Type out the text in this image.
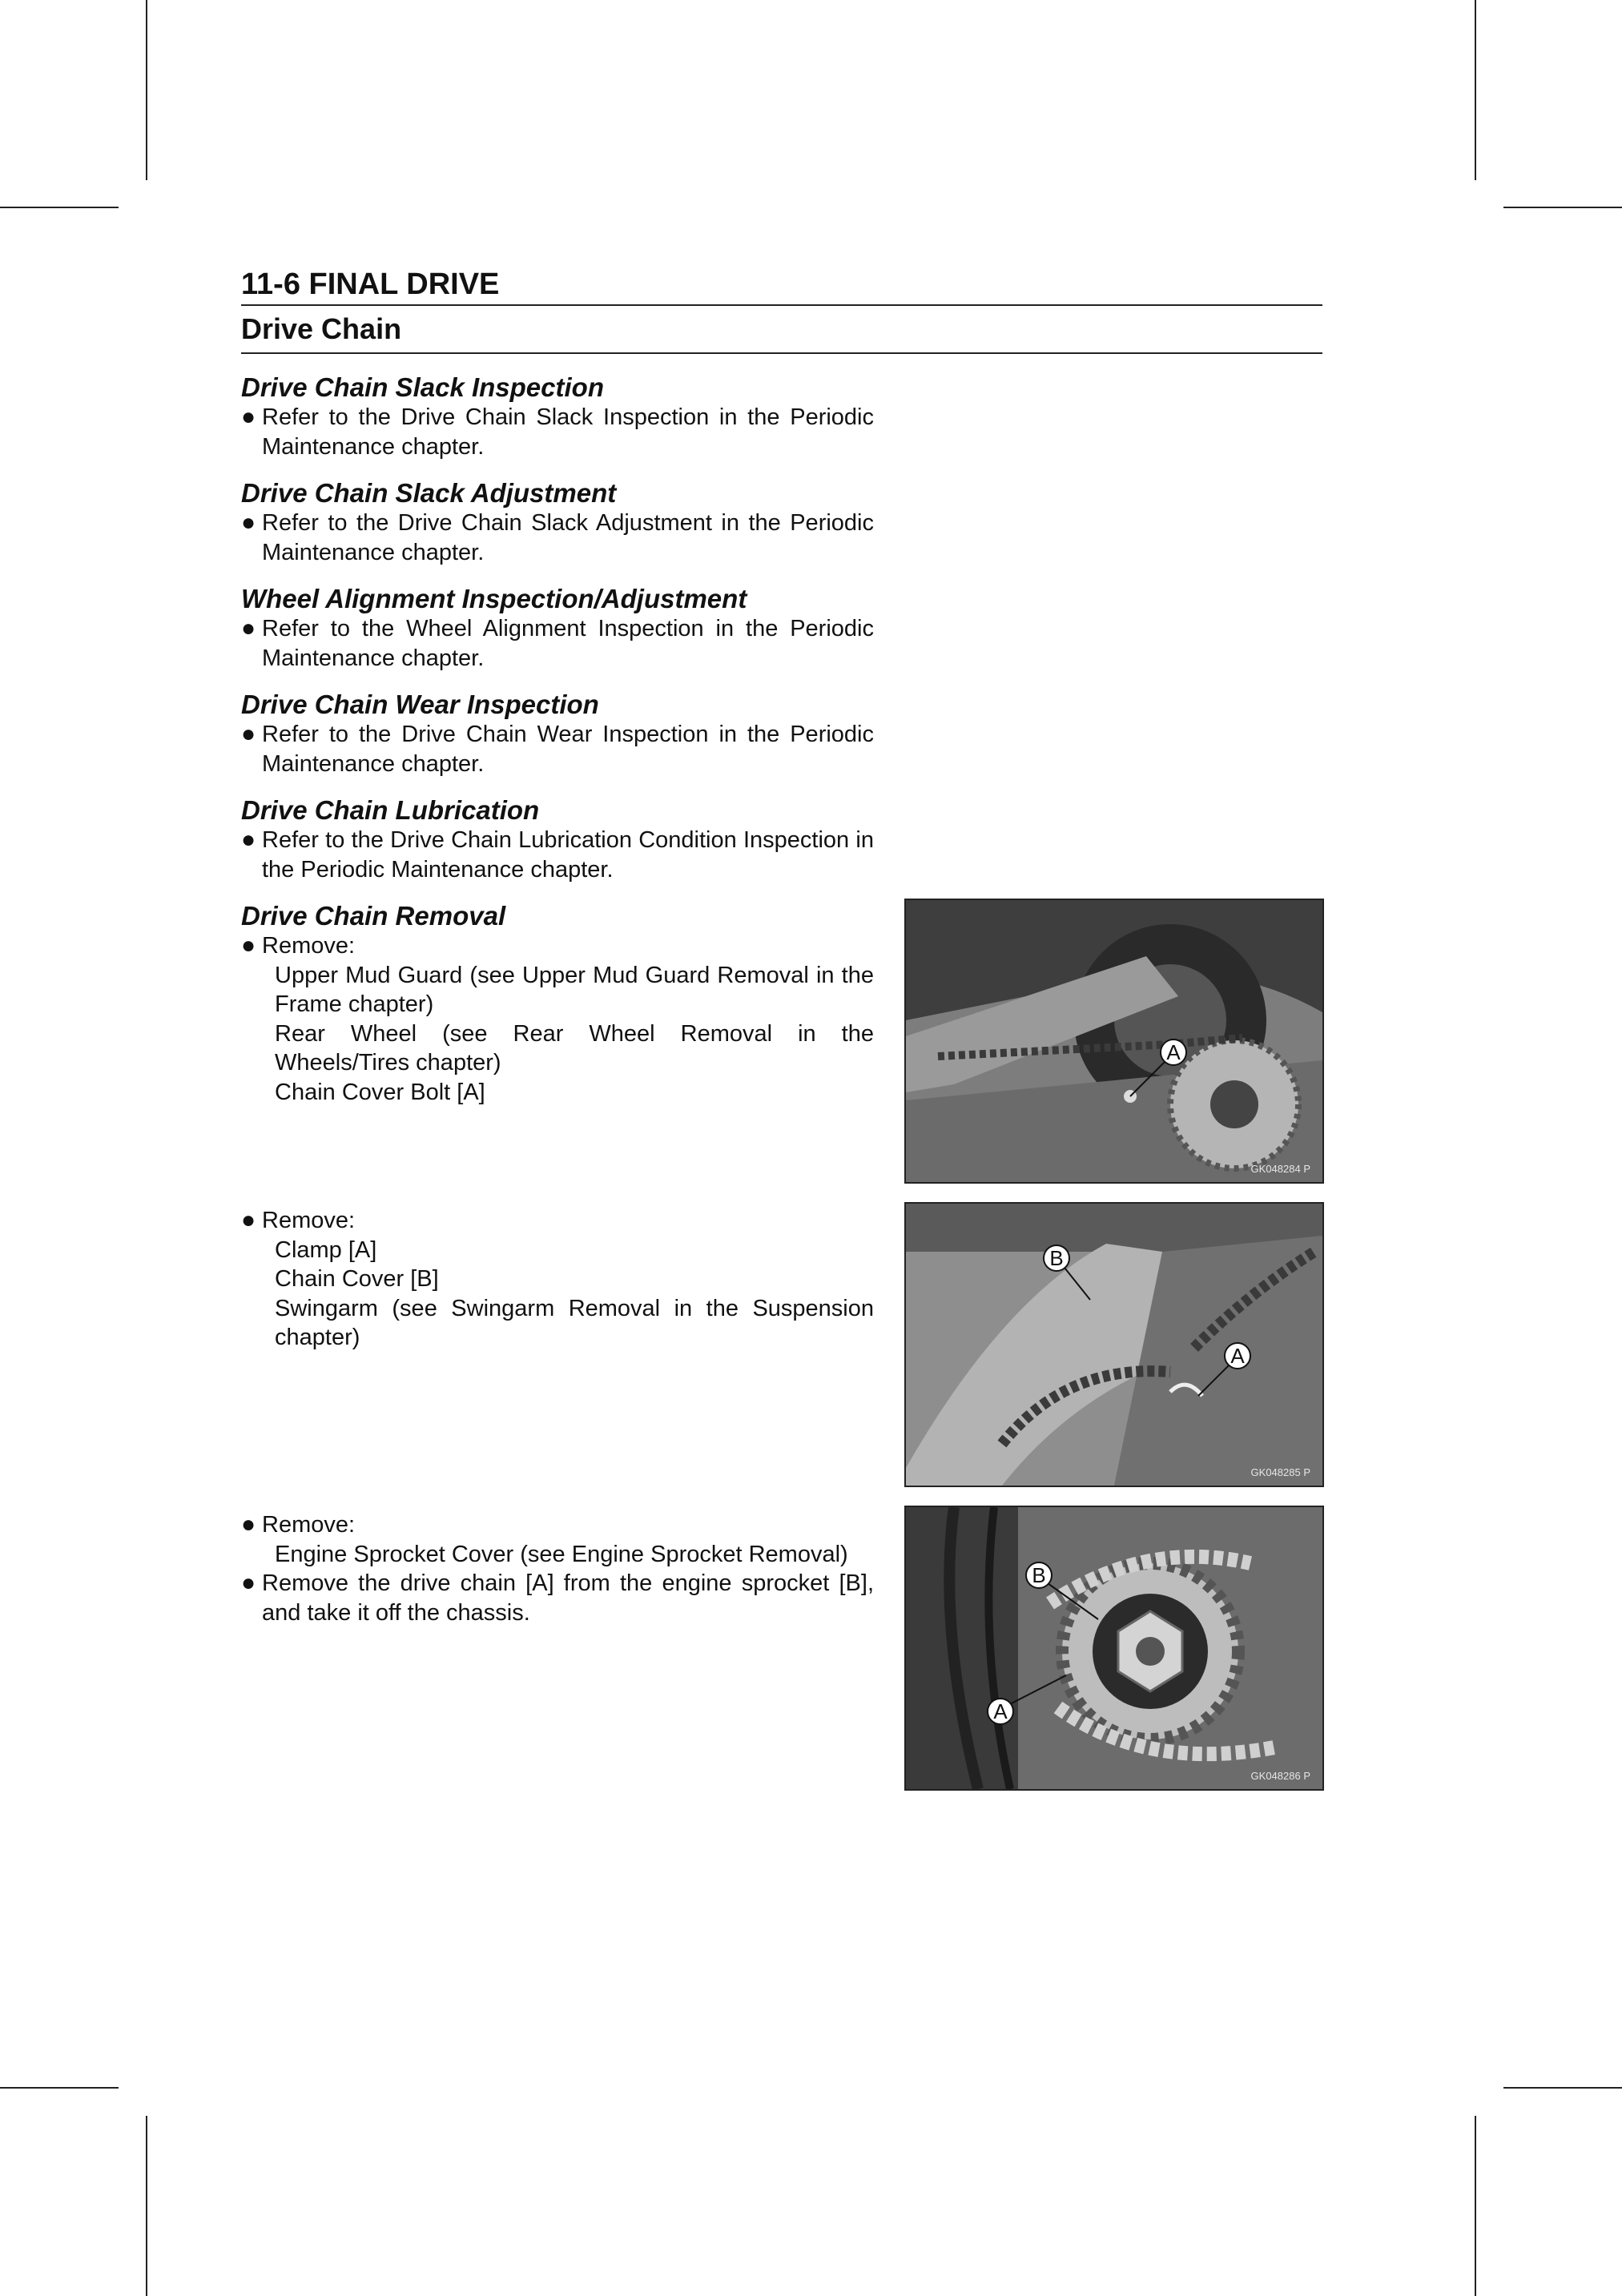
11-6 FINAL DRIVE
Drive Chain
Drive Chain Slack Inspection
● Refer to the Drive Chain Slack Inspection in the Periodic Maintenance chapter.
Drive Chain Slack Adjustment
● Refer to the Drive Chain Slack Adjustment in the Periodic Maintenance chapter.
Wheel Alignment Inspection/Adjustment
● Refer to the Wheel Alignment Inspection in the Periodic Maintenance chapter.
Drive Chain Wear Inspection
● Refer to the Drive Chain Wear Inspection in the Periodic Maintenance chapter.
Drive Chain Lubrication
● Refer to the Drive Chain Lubrication Condition Inspection in the Periodic Maintenance chapter.
Drive Chain Removal
● Remove:
Upper Mud Guard (see Upper Mud Guard Removal in the Frame chapter)
Rear Wheel (see Rear Wheel Removal in the Wheels/Tires chapter)
Chain Cover Bolt [A]
● Remove:
Clamp [A]
Chain Cover [B]
Swingarm (see Swingarm Removal in the Suspension chapter)
● Remove:
Engine Sprocket Cover (see Engine Sprocket Removal)
● Remove the drive chain [A] from the engine sprocket [B], and take it off the chassis.
A
GK048284 P
B
A
GK048285 P
B
A
GK048286 P
